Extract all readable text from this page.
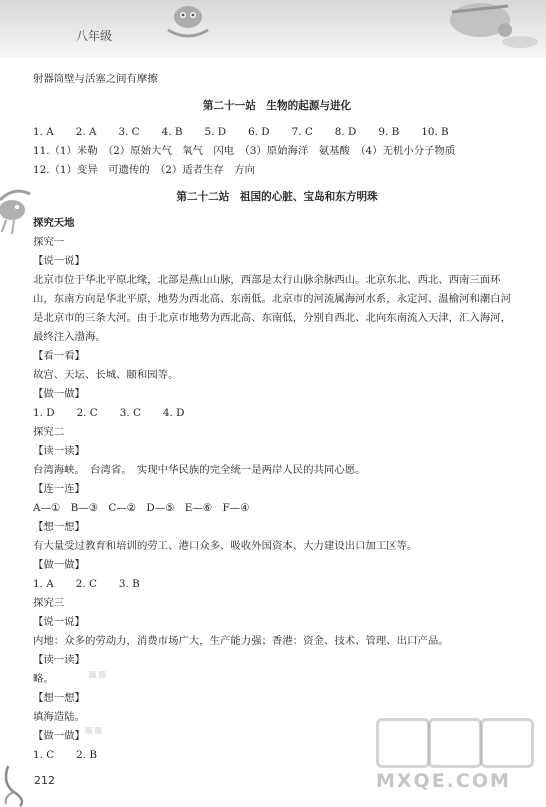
八年级
射器筒壁与活塞之间有摩擦
第二十一站　生物的起源与进化
1. A 2. A 3. C 4. B 5. D 6. D 7. C 8. D 9. B 10. B
11.（1）米勒　（2）原始大气　氧气　闪电　（3）原始海洋　氨基酸　（4）无机小分子物质
12.（1）变异　可遗传的　（2）适者生存　方向
第二十二站　祖国的心脏、宝岛和东方明珠
探究天地
探究一
【说一说】
北京市位于华北平原北缘，北部是燕山山脉，西部是太行山脉余脉西山。北京东北、西北、西南三面环山，东南方向是华北平原，地势为西北高、东南低。北京市的河流属海河水系，永定河、温榆河和潮白河是北京市的三条大河。由于北京市地势为西北高、东南低，分别自西北、北向东南流入天津，汇入海河，最终注入渤海。
【看一看】
故宫、天坛、长城、颐和园等。
【做一做】
1. D 2. C 3. C 4. D
探究二
【读一读】
台湾海峡。　台湾省。　实现中华民族的完全统一是两岸人民的共同心愿。
【连一连】
A—①　B—③　C—②　D—⑤　E—⑥　F—④
【想一想】
有大量受过教育和培训的劳工、港口众多、吸收外国资本、大力建设出口加工区等。
【做一做】
1. A 2. C 3. B
探究三
【说一说】
内地：众多的劳动力，消费市场广大，生产能力强；香港：资金、技术、管理、出口产品。
【读一读】
略。
【想一想】
填海造陆。
【做一做】
1. C 2. B
▪▪
▪▪
212	MXQE.COM
